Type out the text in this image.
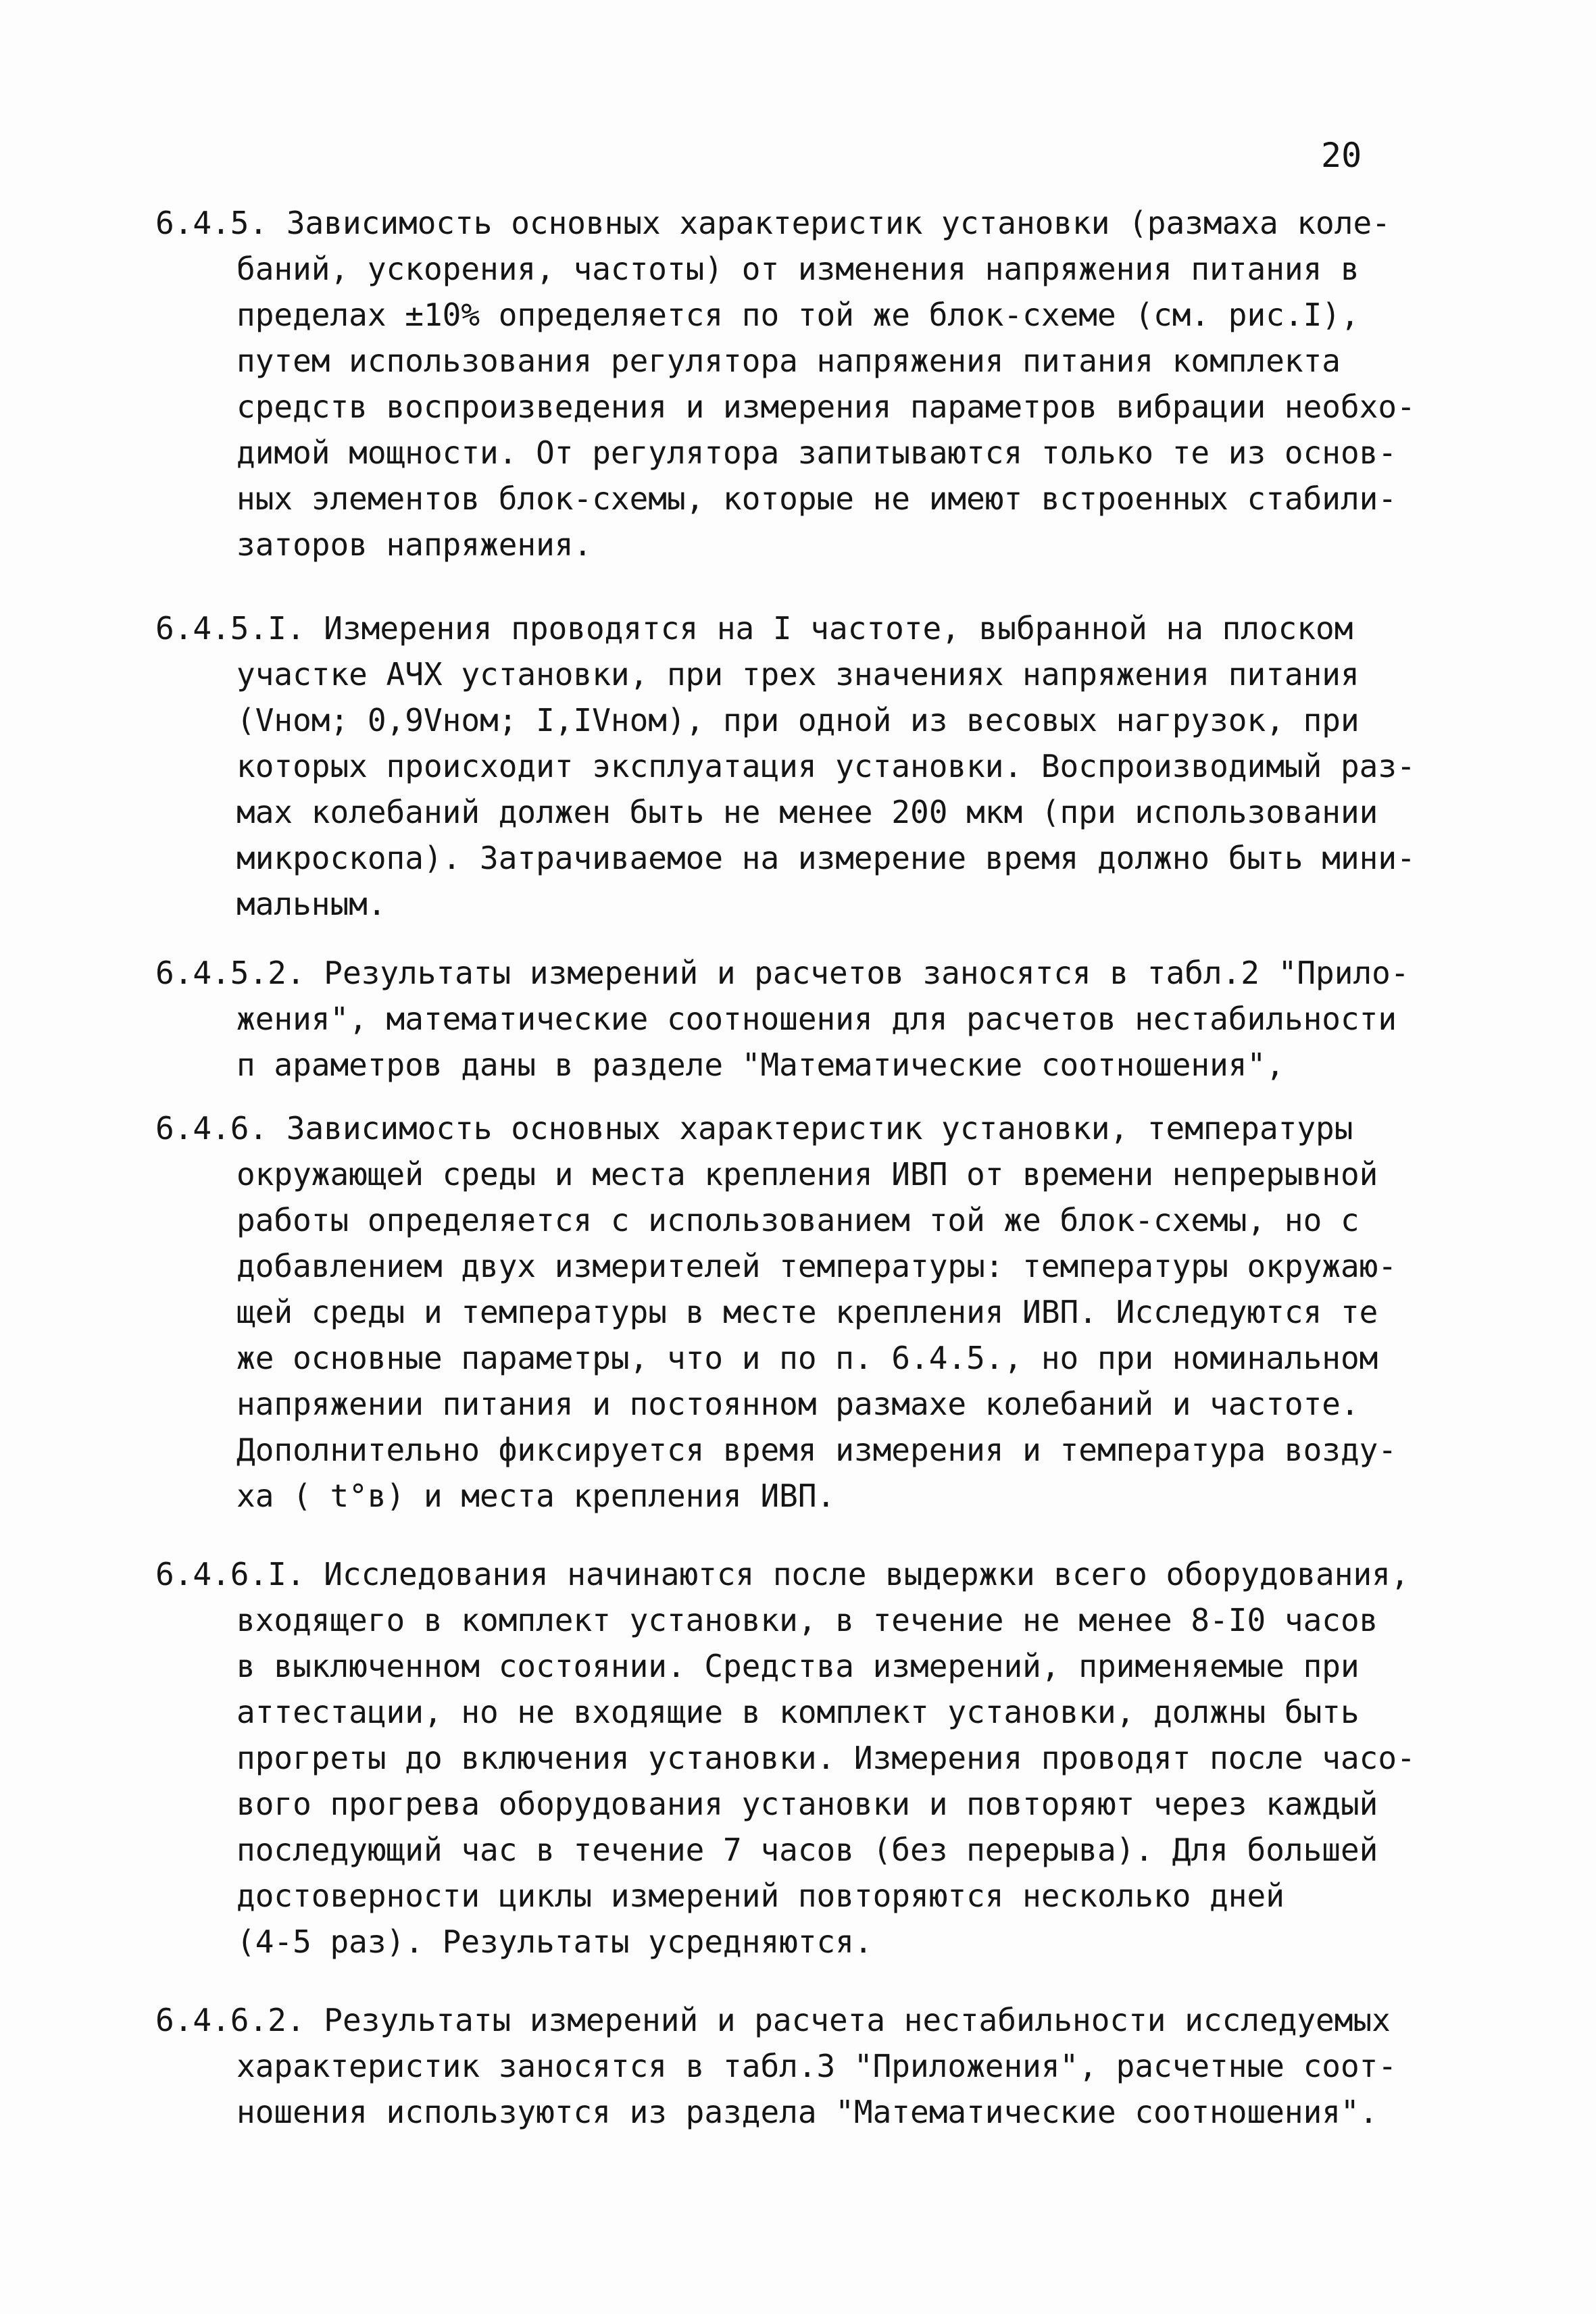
20
6.4.5. Зависимость основных характеристик установки (размаха коле-
баний, ускорения, частоты) от изменения напряжения питания в
пределах ±10% определяется по той же блок-схеме (см. рис.I),
путем использования регулятора напряжения питания комплекта
средств воспроизведения и измерения параметров вибрации необхо-
димой мощности. От регулятора запитываются только те из основ-
ных элементов блок-схемы, которые не имеют встроенных стабили-
заторов напряжения.
6.4.5.I. Измерения проводятся на I частоте, выбранной на плоском
участке АЧХ установки, при трех значениях напряжения питания
(Vном; 0,9Vном; I,IVном), при одной из весовых нагрузок, при
которых происходит эксплуатация установки. Воспроизводимый раз-
мах колебаний должен быть не менее 200 мкм (при использовании
микроскопа). Затрачиваемое на измерение время должно быть мини-
мальным.
6.4.5.2. Результаты измерений и расчетов заносятся в табл.2 "Прило-
жения", математические соотношения для расчетов нестабильности
п араметров даны в разделе "Математические соотношения",
6.4.6. Зависимость основных характеристик установки, температуры
окружающей среды и места крепления ИВП от времени непрерывной
работы определяется с использованием той же блок-схемы, но с
добавлением двух измерителей температуры: температуры окружаю-
щей среды и температуры в месте крепления ИВП. Исследуются те
же основные параметры, что и по п. 6.4.5., но при номинальном
напряжении питания и постоянном размахе колебаний и частоте.
Дополнительно фиксируется время измерения и температура возду-
ха ( t°в) и места крепления ИВП.
6.4.6.I. Исследования начинаются после выдержки всего оборудования,
входящего в комплект установки, в течение не менее 8-I0 часов
в выключенном состоянии. Средства измерений, применяемые при
аттестации, но не входящие в комплект установки, должны быть
прогреты до включения установки. Измерения проводят после часо-
вого прогрева оборудования установки и повторяют через каждый
последующий час в течение 7 часов (без перерыва). Для большей
достоверности циклы измерений повторяются несколько дней
(4-5 раз). Результаты усредняются.
6.4.6.2. Результаты измерений и расчета нестабильности исследуемых
характеристик заносятся в табл.3 "Приложения", расчетные соот-
ношения используются из раздела "Математические соотношения".
